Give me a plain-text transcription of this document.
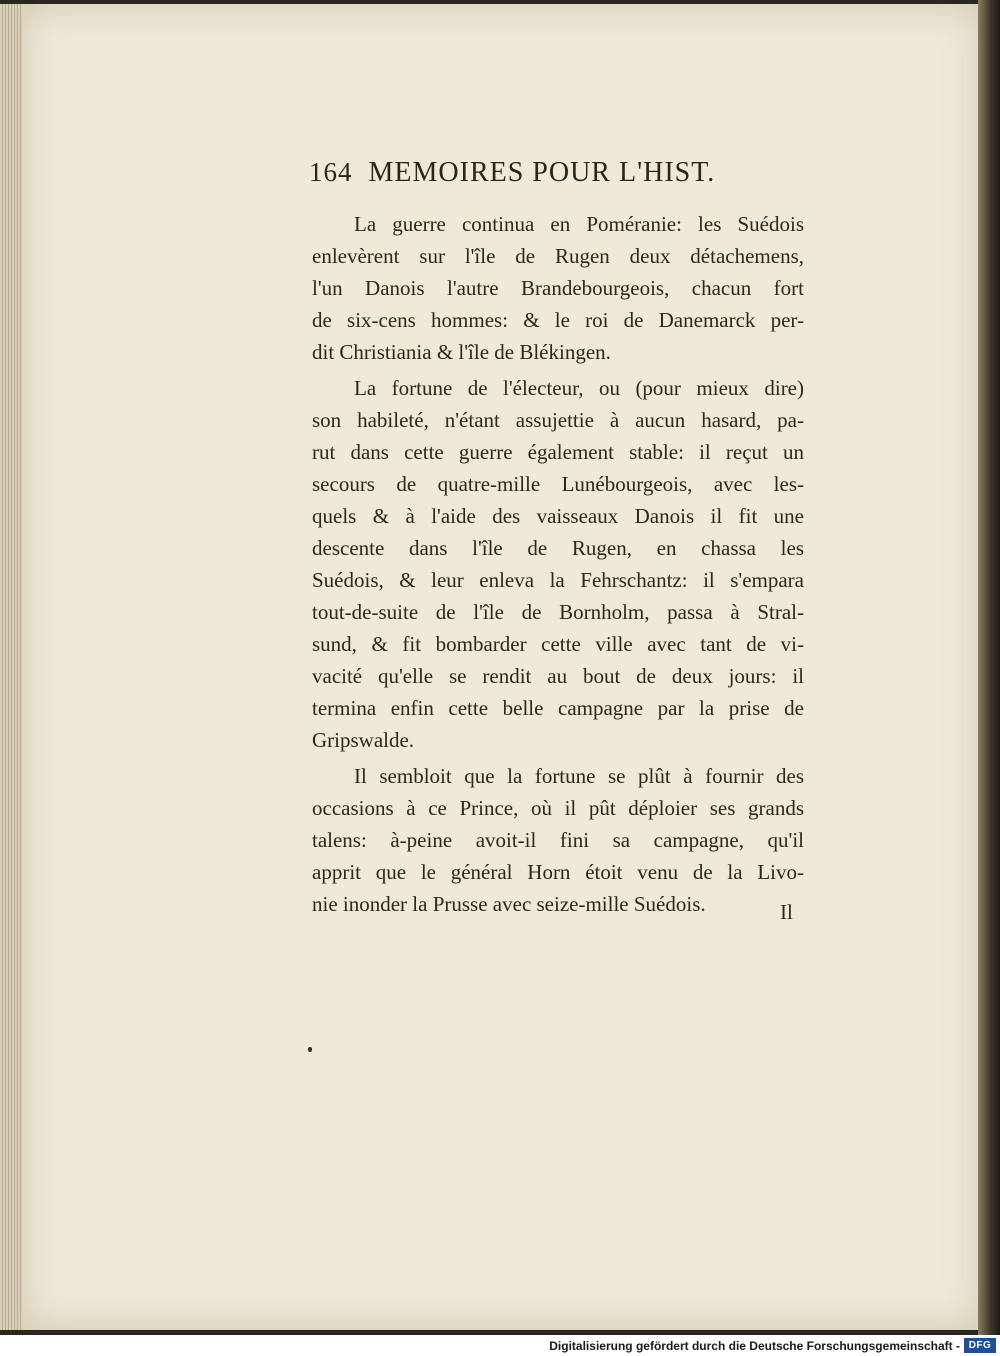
164 MEMOIRES POUR L'HIST.
La guerre continua en Poméranie: les Suédois
enlevèrent sur l'île de Rugen deux détachemens,
l'un Danois l'autre Brandebourgeois, chacun fort
de six-cens hommes: & le roi de Danemarck per-
dit Christiania & l'île de Blékingen.
La fortune de l'électeur, ou (pour mieux dire)
son habileté, n'étant assujettie à aucun hasard, pa-
rut dans cette guerre également stable: il reçut un
secours de quatre-mille Lunébourgeois, avec les-
quels & à l'aide des vaisseaux Danois il fit une
descente dans l'île de Rugen, en chassa les
Suédois, & leur enleva la Fehrschantz: il s'empara
tout-de-suite de l'île de Bornholm, passa à Stral-
sund, & fit bombarder cette ville avec tant de vi-
vacité qu'elle se rendit au bout de deux jours: il
termina enfin cette belle campagne par la prise de
Gripswalde.
Il sembloit que la fortune se plût à fournir des
occasions à ce Prince, où il pût déploier ses grands
talens: à-peine avoit-il fini sa campagne, qu'il
apprit que le général Horn étoit venu de la Livo-
nie inonder la Prusse avec seize-mille Suédois.	Il
Digitalisierung gefördert durch die Deutsche Forschungsgemeinschaft - DFG
